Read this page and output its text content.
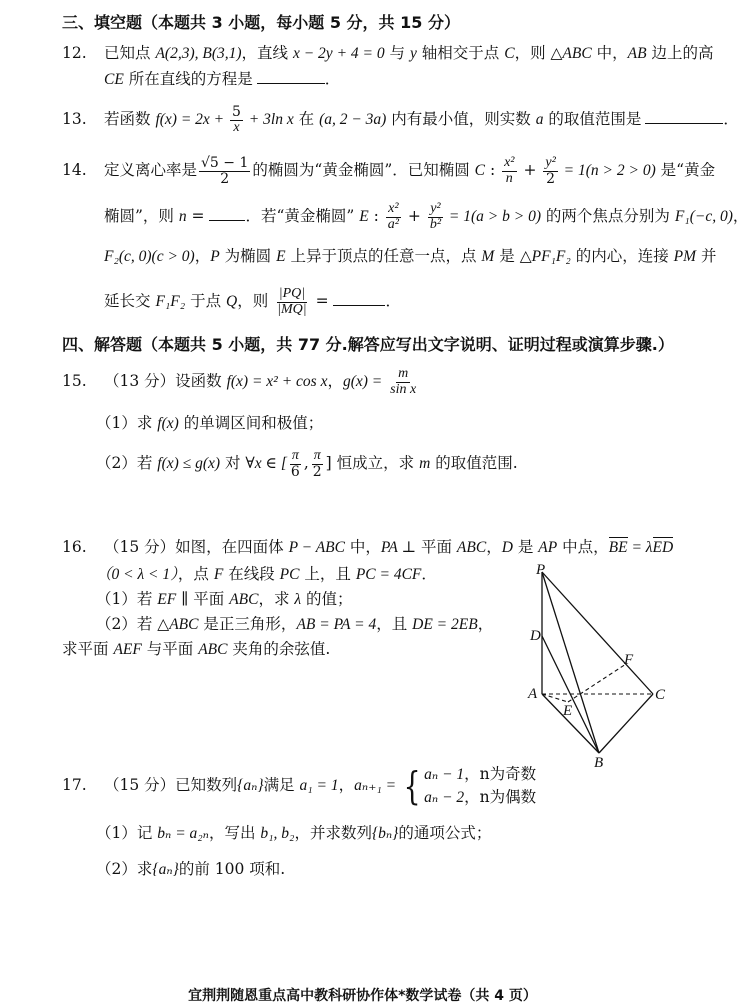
三、填空题（本题共 3 小题，每小题 5 分，共 15 分）
12. 已知点 A(2,3), B(3,1)，直线 x − 2y + 4 = 0 与 y 轴相交于点 C，则 △ABC 中，AB 边上的高
CE 所在直线的方程是	．
13. 若函数 $f(x) = 2x + \frac{5}{x} + 3\ln$ x 在 (a, 2 − 3a) 内有最小值，则实数 a 的取值范围是	．
14. 定义离心率是 $\frac{√5 - 1}{2}$ 的椭圆为“黄金椭圆”．已知椭圆 C : $\frac{\text{x²}}{n} + \frac{\text{y²}}{2} = 1(n > 2 > 0)$ 是“黄金
椭圆”，则 n = ．若“黄金椭圆” E : $\frac{\text{x²}}{\text{a²}} + \frac{\text{y²}}{\text{b²}} = 1(a > b > 0)$ 的两个焦点分别为 F₁(−c, 0)，
F₂(c, 0)(c > 0)，P 为椭圆 E 上异于顶点的任意一点，点 M 是 △PF₁F₂ 的内心，连接 PM 并
延长交 F₁F₂ 于点 Q，则 $\frac{|PQ|}{|MQ|}$ =	．
四、解答题（本题共 5 小题，共 77 分.解答应写出文字说明、证明过程或演算步骤.）
15. （13 分）设函数 f(x) = x² + cos x，$g(x) = \frac{m}{\text{sin x}}$
（1）求 f(x) 的单调区间和极值；
（2）若 f(x) ≤ g(x) 对 ∀x ∈ [ $\frac{\pi}{6}$ , $\frac{\pi}{2}$ ] 恒成立，求 m 的取值范围.
16. （15 分）如图，在四面体 P − ABC 中，PA ⊥ 平面 ABC，D 是 AP 中点，BE = λED
（0 < λ < 1），点 F 在线段 PC 上，且 PC = 4CF．
（1）若 EF ∥ 平面 ABC，求 λ 的值；
（2）若 △ABC 是正三角形，AB = PA = 4，且 DE = 2EB，
求平面 AEF 与平面 ABC 夹角的余弦值.
P
D
F
A
E
C
B
17. （15 分）已知数列{aₙ}满足 a₁ = 1，aₙ₊₁ = { aₙ − 1，n为奇数
aₙ − 2，n为偶数
（1）记 bₙ = a₂ₙ，写出 b₁, b₂，并求数列{bₙ}的通项公式；
（2）求{aₙ}的前 100 项和.
宜荆荆随恩重点高中教科研协作体*数学试卷（共 4 页）
